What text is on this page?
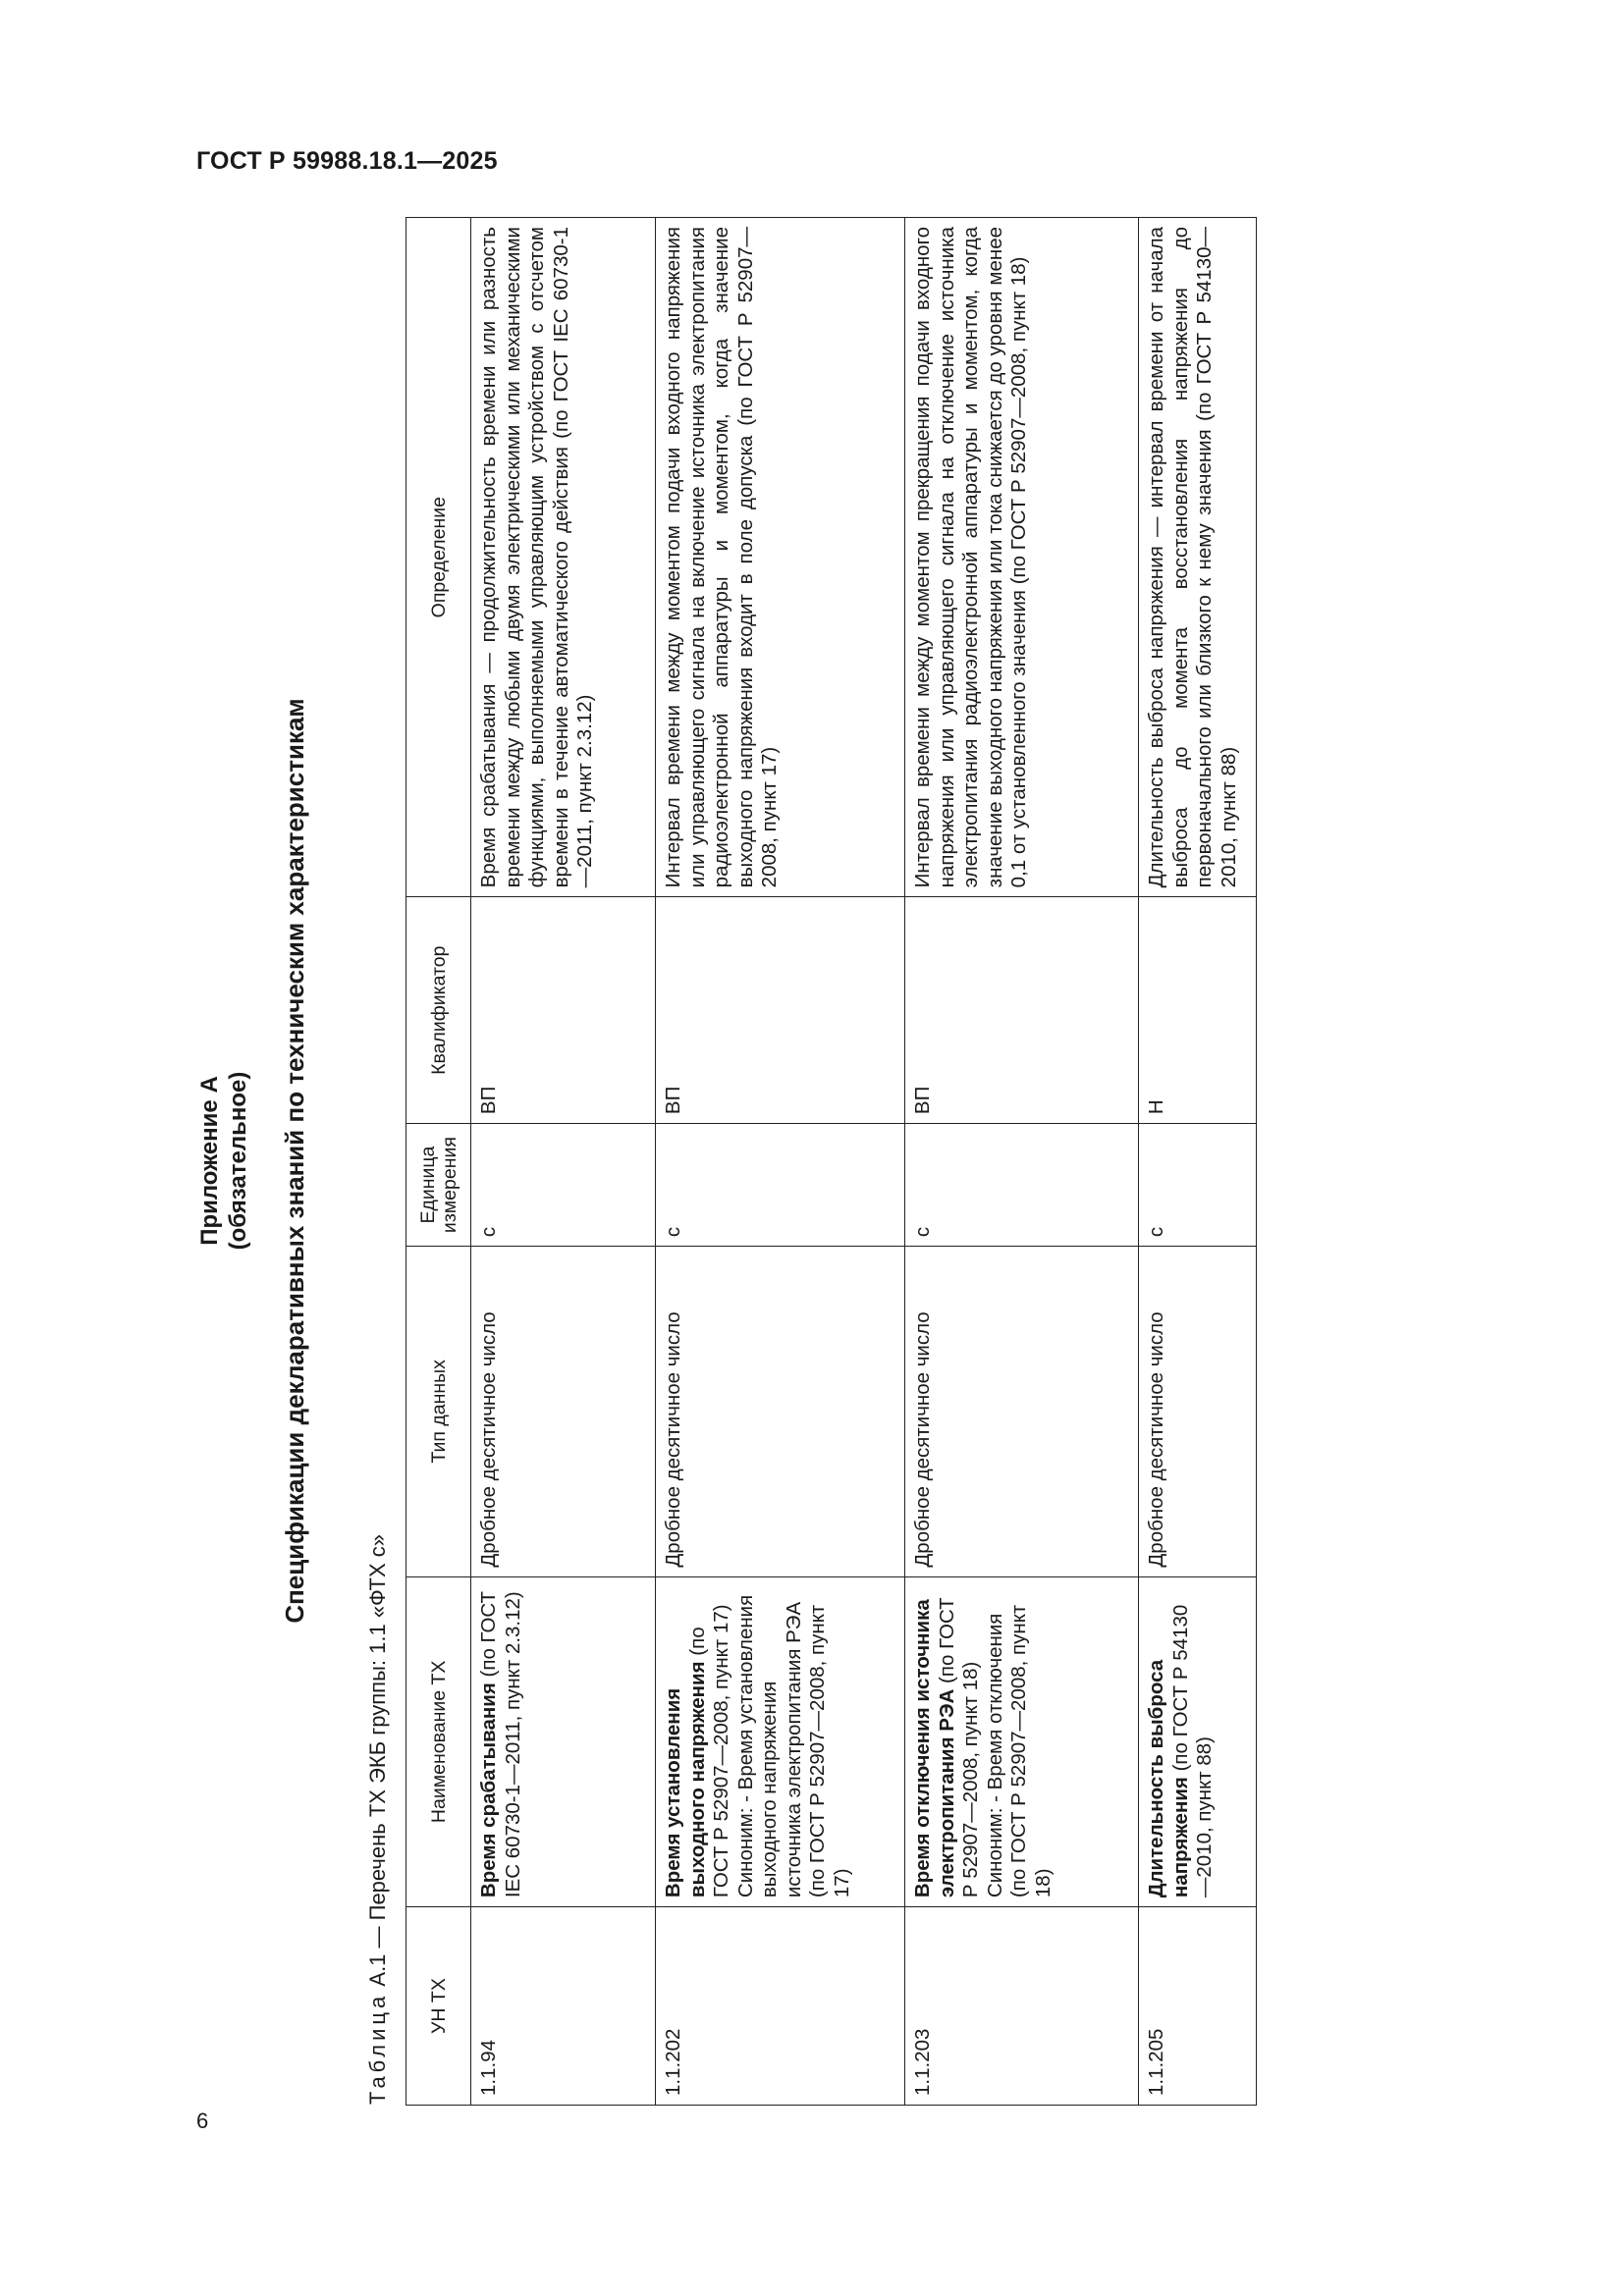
ГОСТ Р 59988.18.1—2025
6
Приложение А (обязательное) Спецификации декларативных знаний по техническим характеристикам
Таблица А.1 — Перечень ТХ ЭКБ группы: 1.1 «ФТХ с»
УН ТХ	Наименование ТХ	Тип данных	Единица измерения	Квалификатор	Определение
1.1.94	Время срабатывания (по ГОСТ IEC 60730-1—2011, пункт 2.3.12)	Дробное десятичное число	с	ВП	Время срабатывания — продолжительность времени или разность времени между любыми двумя электрическими или механическими функциями, выполняемыми управляющим устройством с отсчетом времени в течение автоматического действия (по ГОСТ IEC 60730-1—2011, пункт 2.3.12)
1.1.202	Время установления выходного напряжения (по ГОСТ Р 52907—2008, пункт 17) Синоним: - Время установления выходного напряжения источника электропитания РЭА (по ГОСТ Р 52907—2008, пункт 17)	Дробное десятичное число	с	ВП	Интервал времени между моментом подачи входного напряжения или управляющего сигнала на включение источника электропитания радиоэлектронной аппаратуры и моментом, когда значение выходного напряжения входит в поле допуска (по ГОСТ Р 52907—2008, пункт 17)
1.1.203	Время отключения источника электропитания РЭА (по ГОСТ Р 52907—2008, пункт 18) Синоним: - Время отключения (по ГОСТ Р 52907—2008, пункт 18)	Дробное десятичное число	с	ВП	Интервал времени между моментом прекращения подачи входного напряжения или управляющего сигнала на отключение источника электропитания радиоэлектронной аппаратуры и моментом, когда значение выходного напряжения или тока снижается до уровня менее 0,1 от установленного значения (по ГОСТ Р 52907—2008, пункт 18)
1.1.205	Длительность выброса напряжения (по ГОСТ Р 54130—2010, пункт 88)	Дробное десятичное число	с	Н	Длительность выброса напряжения — интервал времени от начала выброса до момента восстановления напряжения до первоначального или близкого к нему значения (по ГОСТ Р 54130—2010, пункт 88)
